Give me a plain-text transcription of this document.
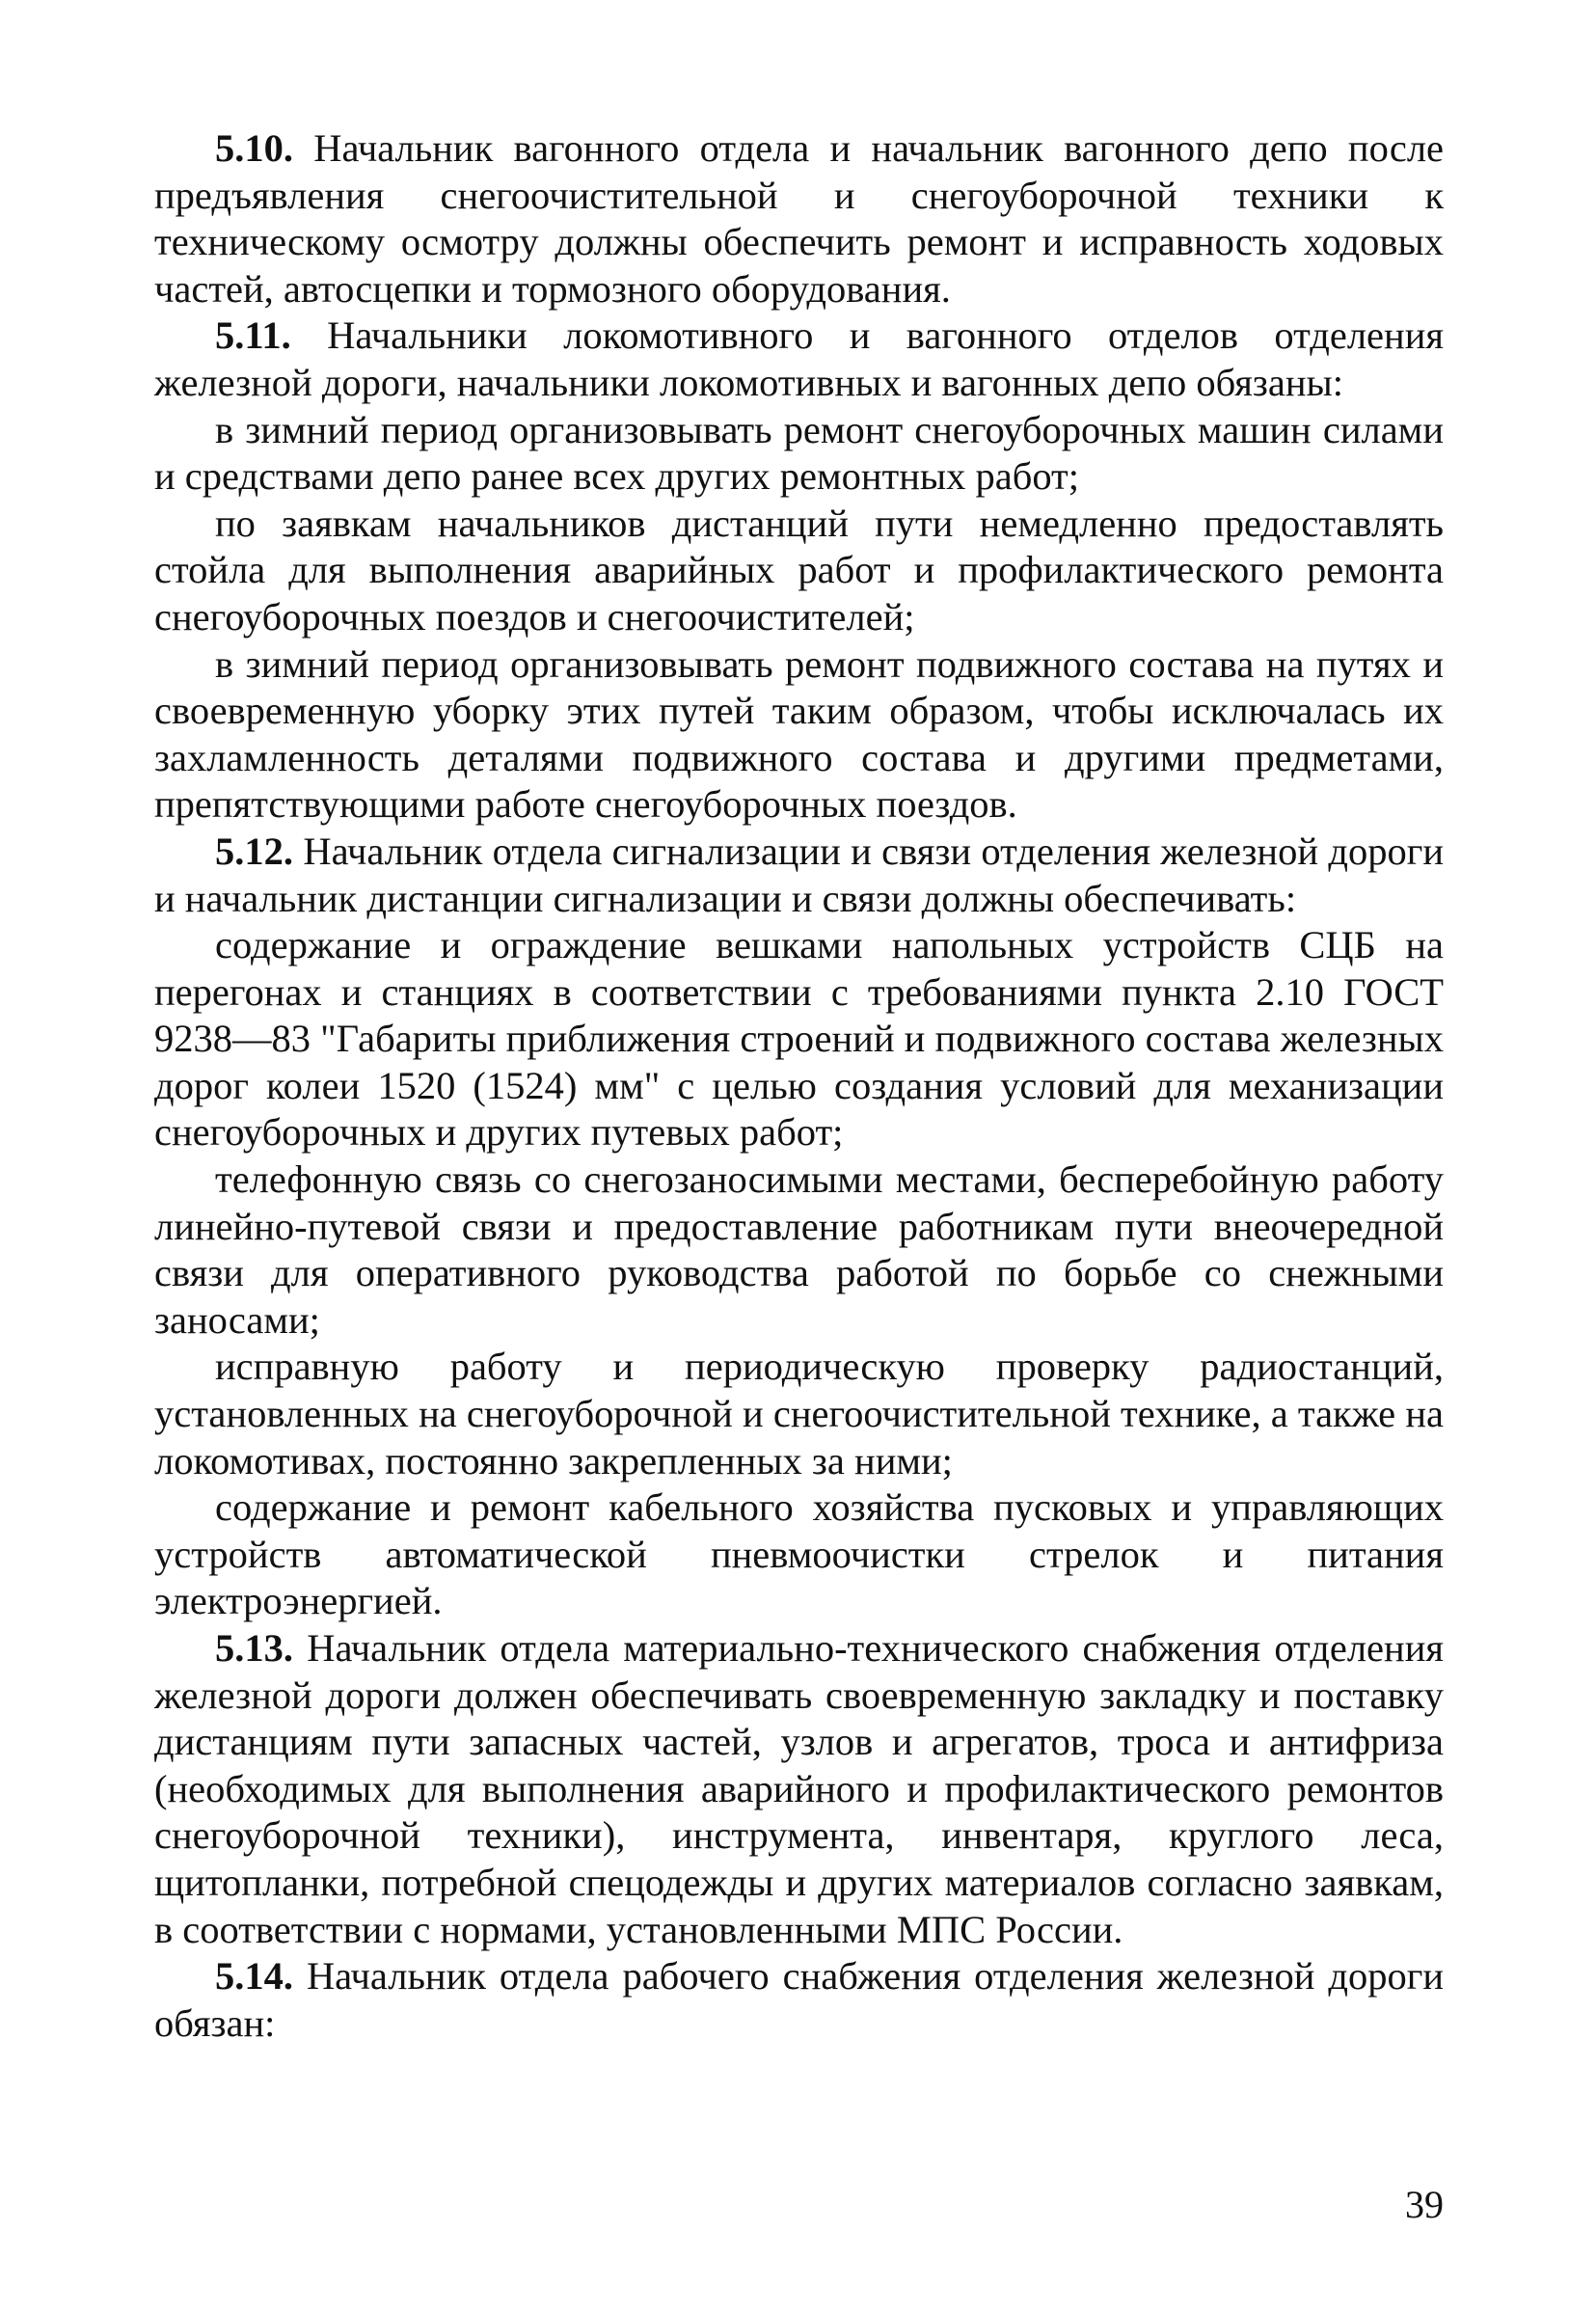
5.10. Начальник вагонного отдела и начальник вагонного депо после предъявления снегоочистительной и снегоуборочной техники к техническому осмотру должны обеспечить ремонт и исправность ходовых частей, автосцепки и тормозного оборудования.

5.11. Начальники локомотивного и вагонного отделов отделения железной дороги, начальники локомотивных и вагонных депо обязаны:

в зимний период организовывать ремонт снегоуборочных машин силами и средствами депо ранее всех других ремонтных работ;

по заявкам начальников дистанций пути немедленно предоставлять стойла для выполнения аварийных работ и профилактического ремонта снегоуборочных поездов и снегоочистителей;

в зимний период организовывать ремонт подвижного состава на путях и своевременную уборку этих путей таким образом, чтобы исключалась их захламленность деталями подвижного состава и другими предметами, препятствующими работе снегоуборочных поездов.

5.12. Начальник отдела сигнализации и связи отделения железной дороги и начальник дистанции сигнализации и связи должны обеспечивать:

содержание и ограждение вешками напольных устройств СЦБ на перегонах и станциях в соответствии с требованиями пункта 2.10 ГОСТ 9238—83 "Габариты приближения строений и подвижного состава железных дорог колеи 1520 (1524) мм" с целью создания условий для механизации снегоуборочных и других путевых работ;

телефонную связь со снегозаносимыми местами, бесперебойную работу линейно-путевой связи и предоставление работникам пути внеочередной связи для оперативного руководства работой по борьбе со снежными заносами;

исправную работу и периодическую проверку радиостанций, установленных на снегоуборочной и снегоочистительной технике, а также на локомотивах, постоянно закрепленных за ними;

содержание и ремонт кабельного хозяйства пусковых и управляющих устройств автоматической пневмоочистки стрелок и питания электроэнергией.

5.13. Начальник отдела материально-технического снабжения отделения железной дороги должен обеспечивать своевременную закладку и поставку дистанциям пути запасных частей, узлов и агрегатов, троса и антифриза (необходимых для выполнения аварийного и профилактического ремонтов снегоуборочной техники), инструмента, инвентаря, круглого леса, щитопланки, потребной спецодежды и других материалов согласно заявкам, в соответствии с нормами, установленными МПС России.

5.14. Начальник отдела рабочего снабжения отделения железной дороги обязан:

39
